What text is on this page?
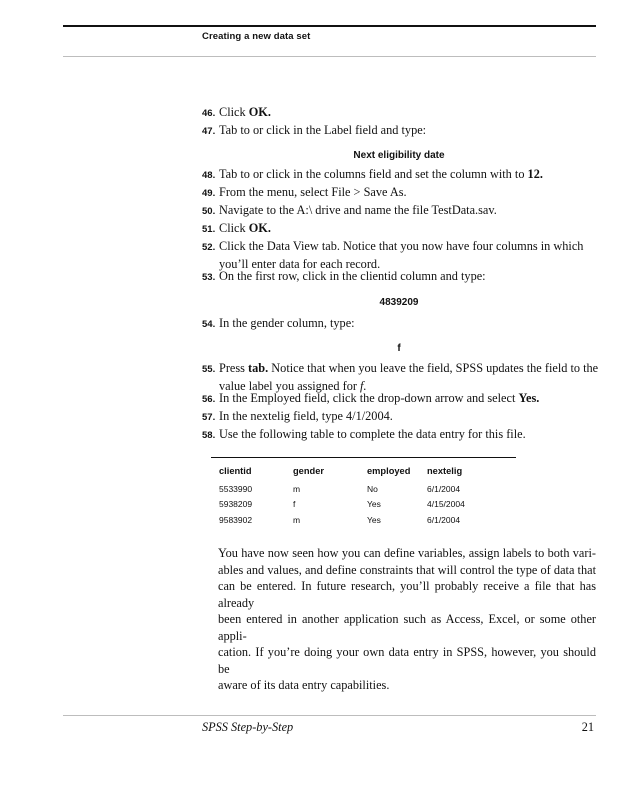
Creating a new data set
46. Click OK.
47. Tab to or click in the Label field and type:
Next eligibility date
48. Tab to or click in the columns field and set the column with to 12.
49. From the menu, select File > Save As.
50. Navigate to the A:\ drive and name the file TestData.sav.
51. Click OK.
52. Click the Data View tab. Notice that you now have four columns in which
you’ll enter data for each record.
53. On the first row, click in the clientid column and type:
4839209
54. In the gender column, type:
f
55. Press tab. Notice that when you leave the field, SPSS updates the field to the
value label you assigned for f.
56. In the Employed field, click the drop-down arrow and select Yes.
57. In the nextelig field, type 4/1/2004.
58. Use the following table to complete the data entry for this file.
clientid	gender	employed nextelig
5533990	m	No	6/1/2004
5938209	f	Yes	4/15/2004
9583902	m	Yes	6/1/2004
You have now seen how you can define variables, assign labels to both vari-
ables and values, and define constraints that will control the type of data that
can be entered. In future research, you’ll probably receive a file that has already
been entered in another application such as Access, Excel, or some other appli-
cation. If you’re doing your own data entry in SPSS, however, you should be
aware of its data entry capabilities.
SPSS Step-by-Step	21
